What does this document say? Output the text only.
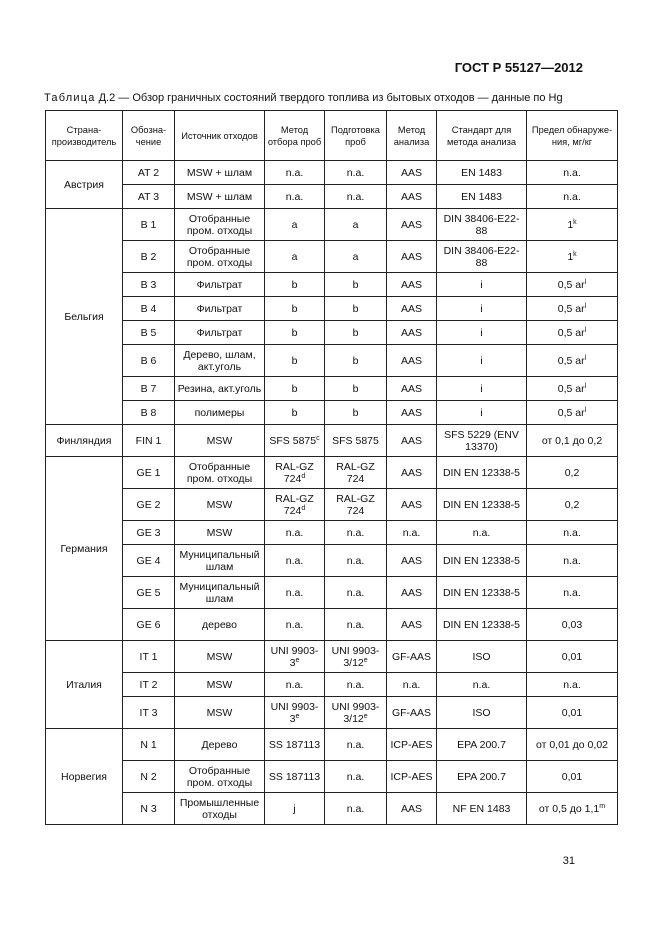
ГОСТ Р 55127—2012
Таблица Д.2 — Обзор граничных состояний твердого топлива из бытовых отходов — данные по Hg
Страна-производитель	Обозна-чение	Источник отходов	Метод отбора проб	Подготовка проб	Метод анализа	Стандарт для метода анализа	Предел обнаруже-ния, мг/кг
Австрия	AT 2	MSW + шлам	n.a.	n.a.	AAS	EN 1483	n.a.
	AT 3	MSW + шлам	n.a.	n.a.	AAS	EN 1483	n.a.
Бельгия	B 1	Отобранные пром. отходы	a	a	AAS	DIN 38406-E22-88	1$^k$
	B 2	Отобранные пром. отходы	a	a	AAS	DIN 38406-E22-88	1$^k$
	B 3	Фильтрат	b	b	AAS	i	0,5 $ar^l$
	B 4	Фильтрат	b	b	AAS	i	0,5 $ar^l$
	B 5	Фильтрат	b	b	AAS	i	0,5 $ar^l$
	B 6	Дерево, шлам, акт.уголь	b	b	AAS	i	0,5 $ar^l$
	B 7	Резина, акт.уголь	b	b	AAS	i	0,5 $ar^l$
	B 8	полимеры	b	b	AAS	i	0,5 $ar^l$
Финляндия	FIN 1	MSW	SFS 5875$^c$	SFS 5875	AAS	SFS 5229 (ENV 13370)	от 0,1 до 0,2
Германия	GE 1	Отобранные пром. отходы	RAL-GZ 724$^d$	RAL-GZ 724	AAS	DIN EN 12338-5	0,2
	GE 2	MSW	RAL-GZ 724$^d$	RAL-GZ 724	AAS	DIN EN 12338-5	0,2
	GE 3	MSW	n.a.	n.a.	n.a.	n.a.	n.a.
	GE 4	Муниципальный шлам	n.a.	n.a.	AAS	DIN EN 12338-5	n.a.
	GE 5	Муниципальный шлам	n.a.	n.a.	AAS	DIN EN 12338-5	n.a.
	GE 6	дерево	n.a.	n.a.	AAS	DIN EN 12338-5	0,03
Италия	IT 1	MSW	UNI 9903-3e	UNI 9903-3/12e	GF-AAS	ISO	0,01
	IT 2	MSW	n.a.	n.a.	n.a.	n.a.	n.a.
	IT 3	MSW	UNI 9903-3e	UNI 9903-3/12e	GF-AAS	ISO	0,01
Норвегия	N 1	Дерево	SS 187113	n.a.	ICP-AES	EPA 200.7	от 0,01 до 0,02
	N 2	Отобранные пром. отходы	SS 187113	n.a.	ICP-AES	EPA 200.7	0,01
	N 3	Промышленные отходы	j	n.a.	AAS	NF EN 1483	от 0,5 до 1,1$^m$
31
